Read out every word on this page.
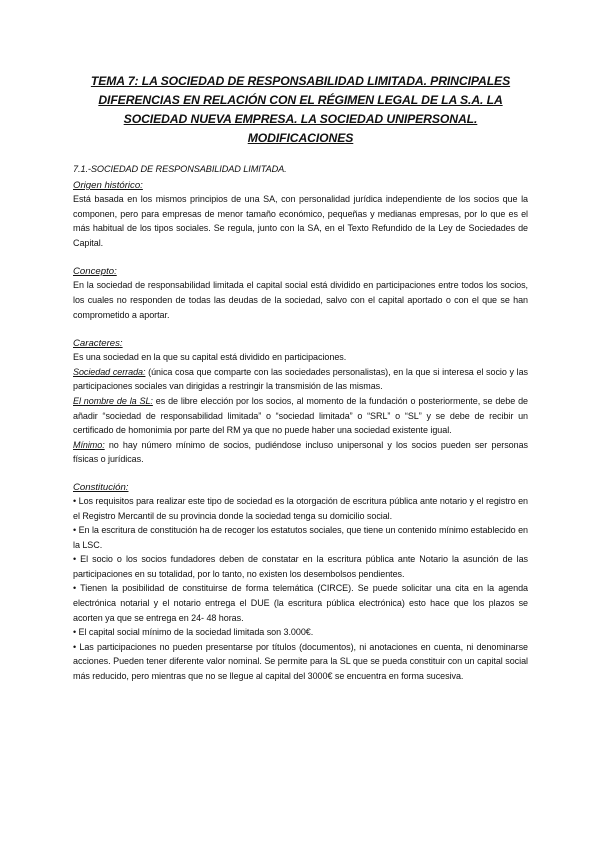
TEMA 7: LA SOCIEDAD DE RESPONSABILIDAD LIMITADA. PRINCIPALES DIFERENCIAS EN RELACIÓN CON EL RÉGIMEN LEGAL DE LA S.A. LA SOCIEDAD NUEVA EMPRESA. LA SOCIEDAD UNIPERSONAL. MODIFICACIONES
7.1.-SOCIEDAD DE RESPONSABILIDAD LIMITADA.
Origen histórico:
Está basada en los mismos principios de una SA, con personalidad jurídica independiente de los socios que la componen, pero para empresas de menor tamaño económico, pequeñas y medianas empresas, por lo que es el más habitual de los tipos sociales. Se regula, junto con la SA, en el Texto Refundido de la Ley de Sociedades de Capital.
Concepto:
En la sociedad de responsabilidad limitada el capital social está dividido en participaciones entre todos los socios, los cuales no responden de todas las deudas de la sociedad, salvo con el capital aportado o con el que se han comprometido a aportar.
Caracteres:
Es una sociedad en la que su capital está dividido en participaciones.
Sociedad cerrada: (única cosa que comparte con las sociedades personalistas), en la que si interesa el socio y las participaciones sociales van dirigidas a restringir la transmisión de las mismas.
El nombre de la SL: es de libre elección por los socios, al momento de la fundación o posteriormente, se debe de añadir “sociedad de responsabilidad limitada” o “sociedad limitada” o “SRL” o “SL” y se debe de recibir un certificado de homonimia por parte del RM ya que no puede haber una sociedad existente igual.
Mínimo: no hay número mínimo de socios, pudiéndose incluso unipersonal y los socios pueden ser personas físicas o jurídicas.
Constitución:
• Los requisitos para realizar este tipo de sociedad es la otorgación de escritura pública ante notario y el registro en el Registro Mercantil de su provincia donde la sociedad tenga su domicilio social.
• En la escritura de constitución ha de recoger los estatutos sociales, que tiene un contenido mínimo establecido en la LSC.
• El socio o los socios fundadores deben de constatar en la escritura pública ante Notario la asunción de las participaciones en su totalidad, por lo tanto, no existen los desembolsos pendientes.
• Tienen la posibilidad de constituirse de forma telemática (CIRCE). Se puede solicitar una cita en la agenda electrónica notarial y el notario entrega el DUE (la escritura pública electrónica) esto hace que los plazos se acorten ya que se entrega en 24- 48 horas.
• El capital social mínimo de la sociedad limitada son 3.000€.
• Las participaciones no pueden presentarse por títulos (documentos), ni anotaciones en cuenta, ni denominarse acciones. Pueden tener diferente valor nominal. Se permite para la SL que se pueda constituir con un capital social más reducido, pero mientras que no se llegue al capital del 3000€ se encuentra en forma sucesiva.
